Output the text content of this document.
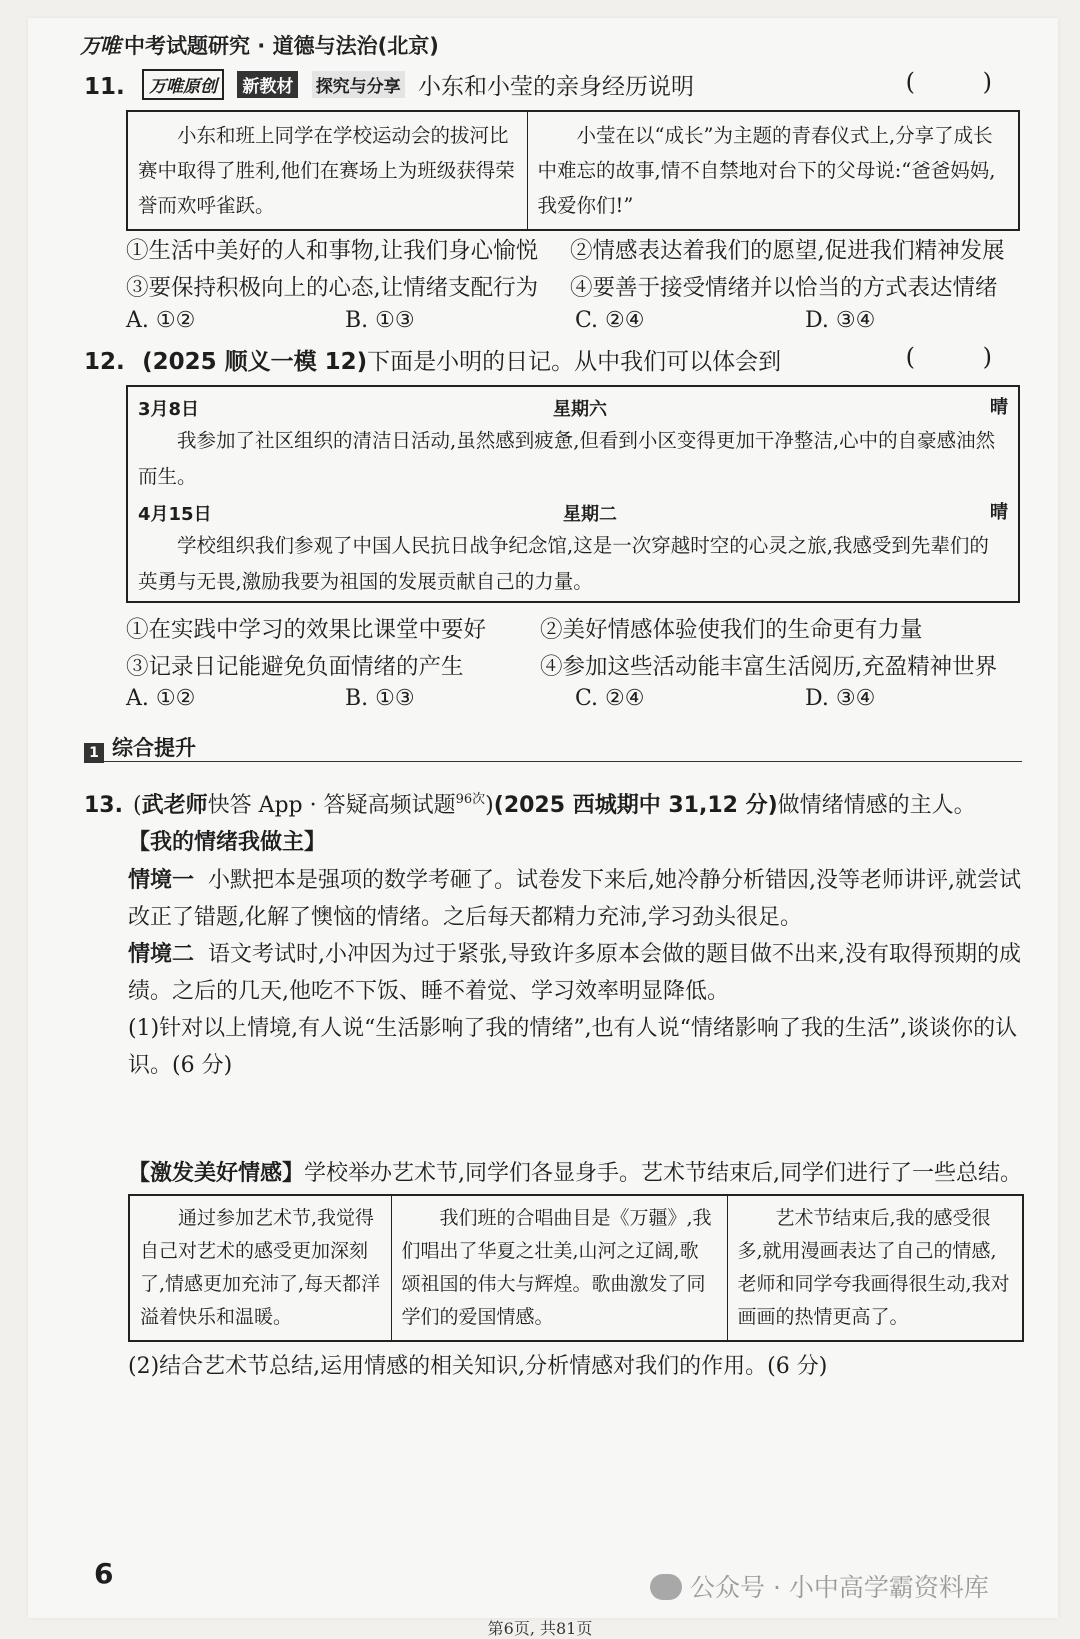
万唯 中考试题研究 · 道德与法治(北京)
11. 万唯原创 新教材 探究与分享 小东和小莹的亲身经历说明	( )
小东和班上同学在学校运动会的拔河比赛中取得了胜利,他们在赛场上为班级获得荣誉而欢呼雀跃。	小莹在以“成长”为主题的青春仪式上,分享了成长中难忘的故事,情不自禁地对台下的父母说:“爸爸妈妈,我爱你们!”
①生活中美好的人和事物,让我们身心愉悦 ②情感表达着我们的愿望,促进我们精神发展
③要保持积极向上的心态,让情绪支配行为 ④要善于接受情绪并以恰当的方式表达情绪
A. ①②	B. ①③	C. ②④	D. ③④
12. (2025 顺义一模 12)下面是小明的日记。从中我们可以体会到	( )
3月8日	星期六	晴
我参加了社区组织的清洁日活动,虽然感到疲惫,但看到小区变得更加干净整洁,心中的自豪感油然而生。
4月15日	星期二	晴
学校组织我们参观了中国人民抗日战争纪念馆,这是一次穿越时空的心灵之旅,我感受到先辈们的英勇与无畏,激励我要为祖国的发展贡献自己的力量。
①在实践中学习的效果比课堂中要好 ②美好情感体验使我们的生命更有力量
③记录日记能避免负面情绪的产生	④参加这些活动能丰富生活阅历,充盈精神世界
A. ①②	B. ①③	C. ②④	D. ③④
1 综合提升
13. (武老师快答 App · 答疑高频试题$^{96次}$)(2025 西城期中 31,12 分)做情绪情感的主人。
【我的情绪我做主】
情境一 小默把本是强项的数学考砸了。试卷发下来后,她冷静分析错因,没等老师讲评,就尝试改正了错题,化解了懊恼的情绪。之后每天都精力充沛,学习劲头很足。
情境二 语文考试时,小冲因为过于紧张,导致许多原本会做的题目做不出来,没有取得预期的成绩。之后的几天,他吃不下饭、睡不着觉、学习效率明显降低。
(1)针对以上情境,有人说“生活影响了我的情绪”,也有人说“情绪影响了我的生活”,谈谈你的认识。(6 分)
【激发美好情感】学校举办艺术节,同学们各显身手。艺术节结束后,同学们进行了一些总结。
通过参加艺术节,我觉得自己对艺术的感受更加深刻了,情感更加充沛了,每天都洋溢着快乐和温暖。	我们班的合唱曲目是《万疆》,我们唱出了华夏之壮美,山河之辽阔,歌颂祖国的伟大与辉煌。歌曲激发了同学们的爱国情感。	艺术节结束后,我的感受很多,就用漫画表达了自己的情感,老师和同学夸我画得很生动,我对画画的热情更高了。
(2)结合艺术节总结,运用情感的相关知识,分析情感对我们的作用。(6 分)
6	公众号 · 小中高学霸资料库
第6页, 共81页
